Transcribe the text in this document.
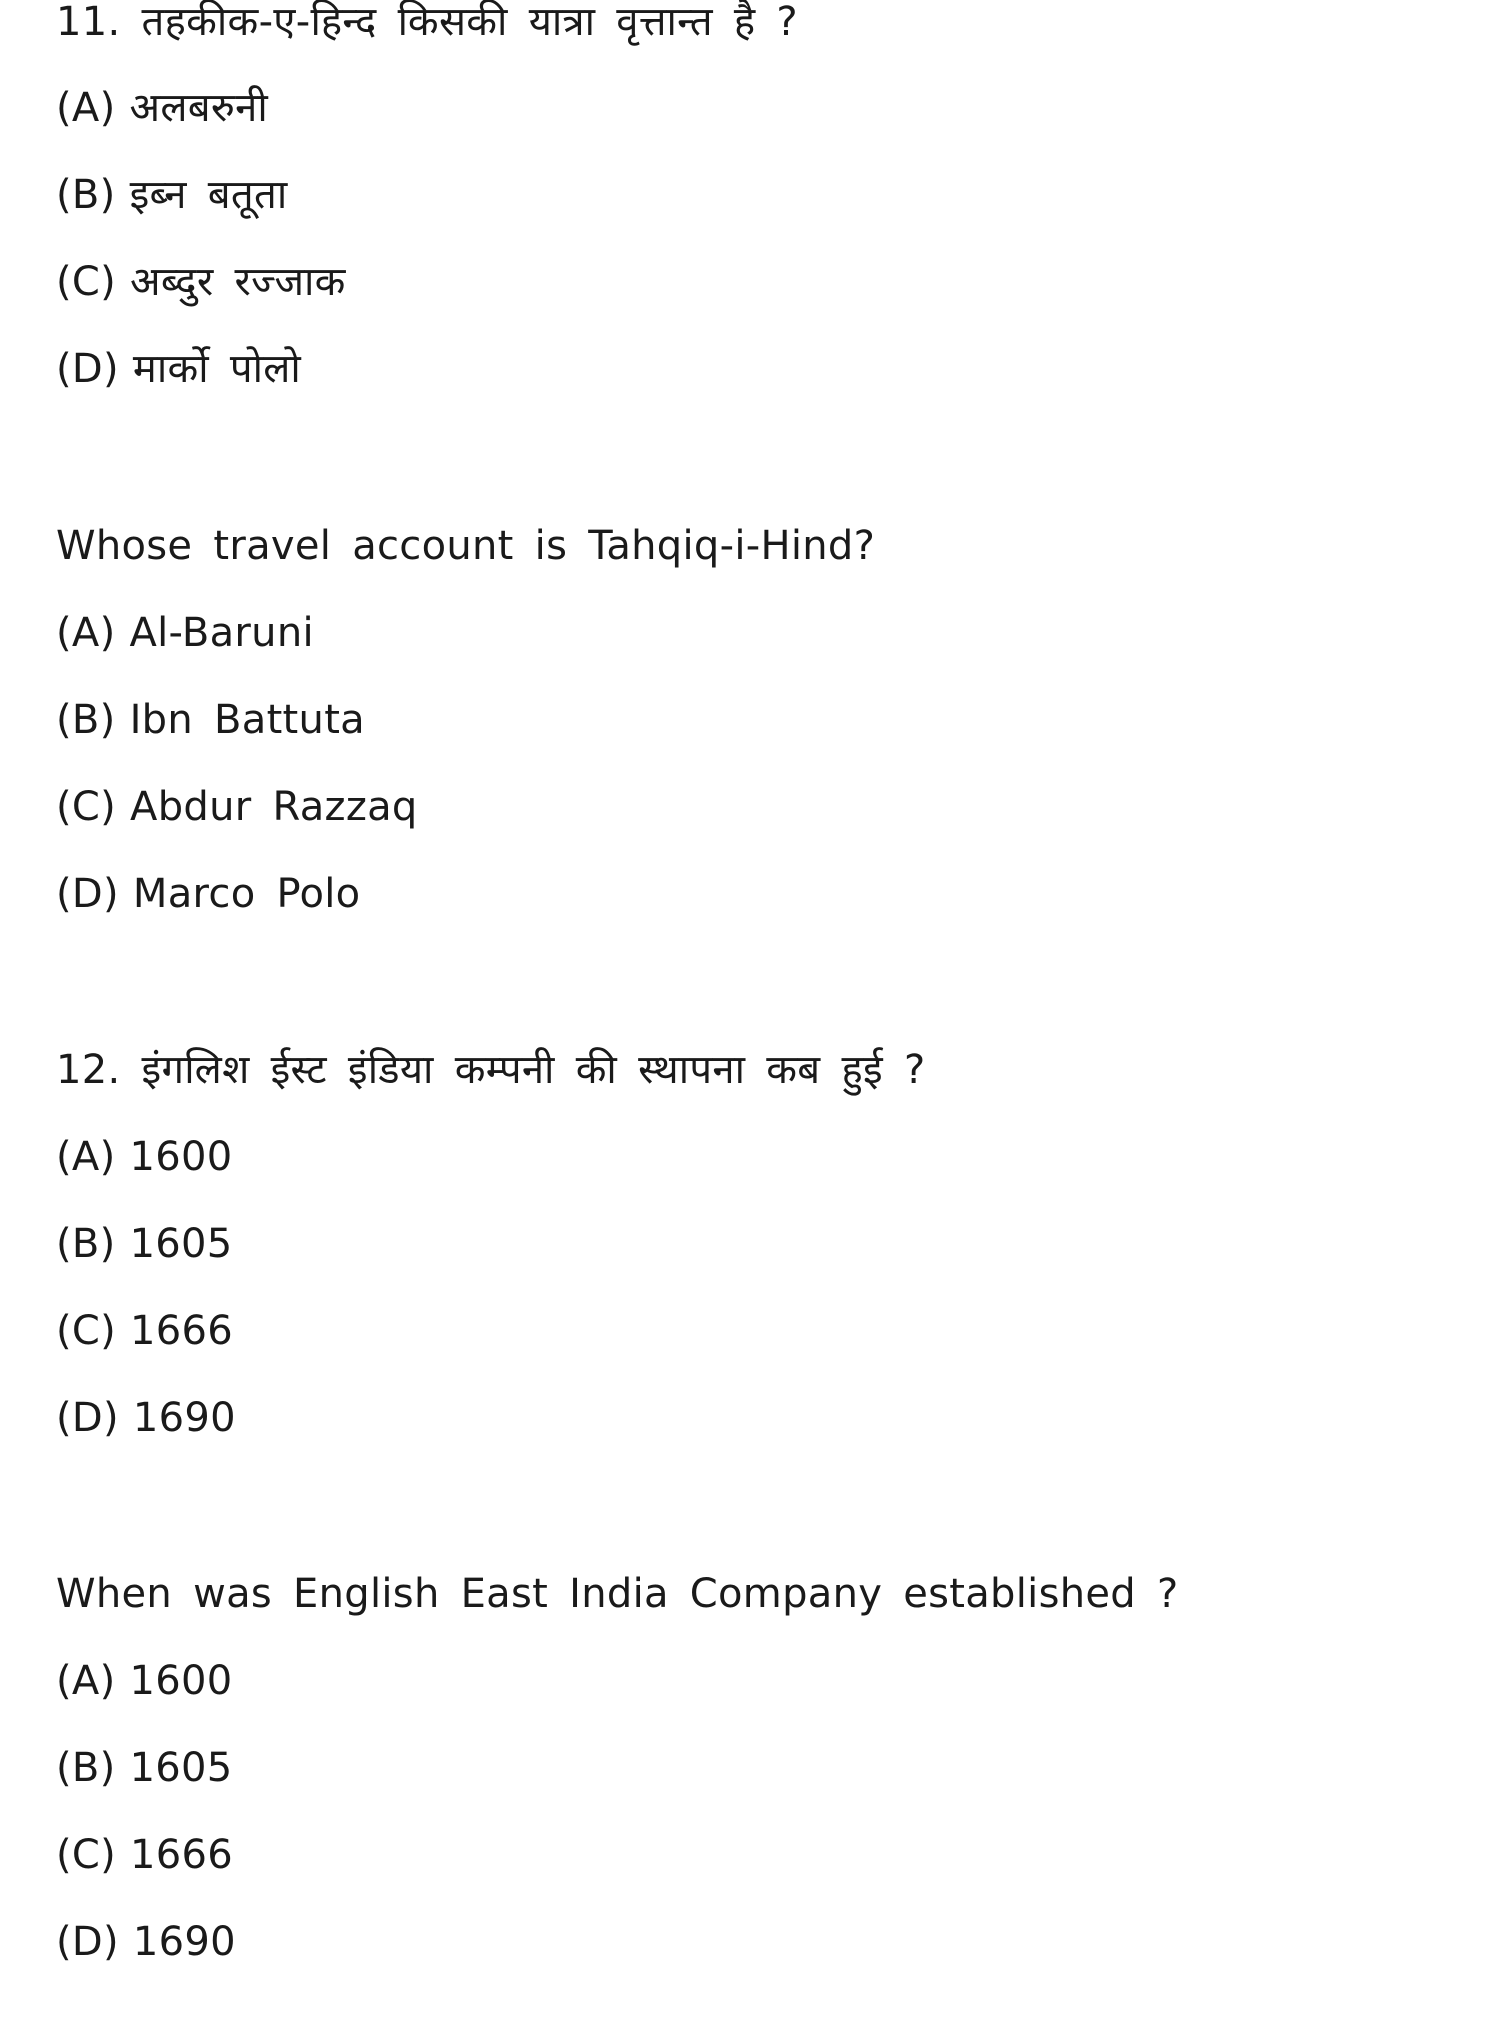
11. तहकीक-ए-हिन्द किसकी यात्रा वृत्तान्त है ?
(A) अलबरुनी
(B) इब्न बतूता
(C) अब्दुर रज्जाक
(D) मार्को पोलो
Whose travel account is Tahqiq-i-Hind?
(A) Al-Baruni
(B) Ibn Battuta
(C) Abdur Razzaq
(D) Marco Polo
12. इंगलिश ईस्ट इंडिया कम्पनी की स्थापना कब हुई ?
(A) 1600
(B) 1605
(C) 1666
(D) 1690
When was English East India Company established ?
(A) 1600
(B) 1605
(C) 1666
(D) 1690
